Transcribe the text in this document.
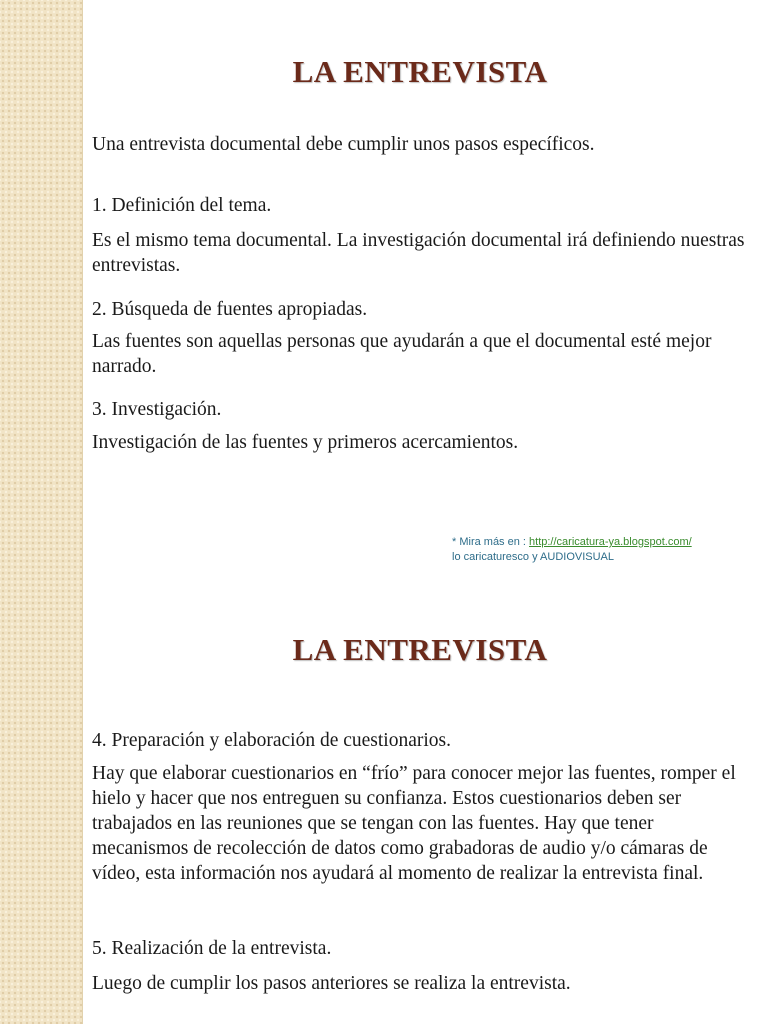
LA ENTREVISTA

Una entrevista documental debe cumplir unos pasos específicos.

1. Definición del tema.

Es el mismo tema documental. La investigación documental irá definiendo nuestras entrevistas.

2. Búsqueda de fuentes apropiadas.

Las fuentes son aquellas personas que ayudarán a que el documental esté mejor narrado.

3. Investigación.

Investigación de las fuentes y primeros acercamientos.

* Mira más en : http://caricatura-ya.blogspot.com/
lo caricaturesco y AUDIOVISUAL
LA ENTREVISTA

4. Preparación y elaboración de cuestionarios.

Hay que elaborar cuestionarios en “frío” para conocer mejor las fuentes, romper el hielo y hacer que nos entreguen su confianza. Estos cuestionarios deben ser trabajados en las reuniones que se tengan con las fuentes. Hay que tener mecanismos de recolección de datos como grabadoras de audio y/o cámaras de vídeo, esta información nos ayudará al momento de realizar la entrevista final.

5. Realización de la entrevista.

Luego de cumplir los pasos anteriores se realiza la entrevista.
